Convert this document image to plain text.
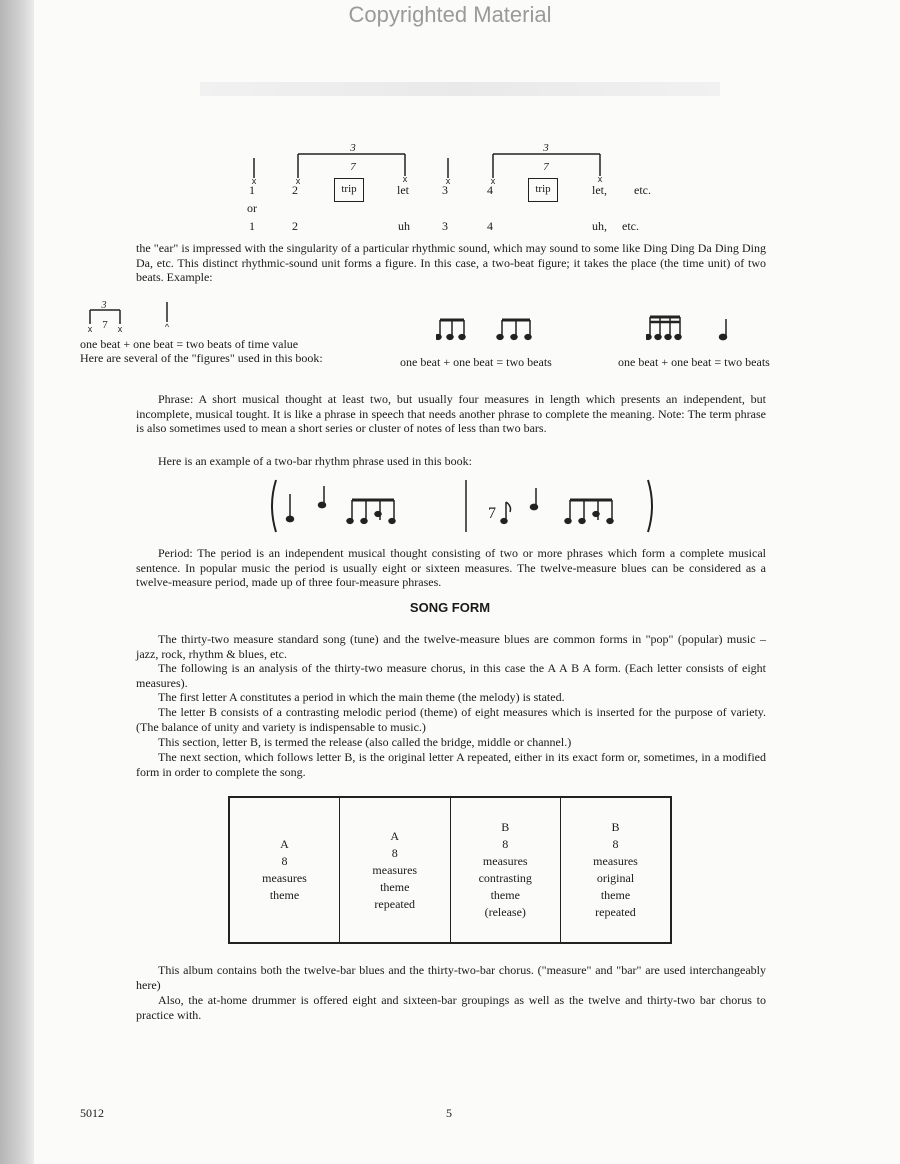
Copyrighted Material
3	3
7	7
x	x	x	x	x	x
trip	trip
1	2	let	3	4	let, etc.
or
1	2	uh	3	4	uh, etc.
the "ear" is impressed with the singularity of a particular rhythmic sound, which may sound to some like Ding Ding Da Ding Ding Da, etc. This distinct rhythmic-sound unit forms a figure. In this case, a two-beat figure; it takes the place (the time unit) of two beats. Example:
3
7
x	x	^
one beat + one beat = two beats of time value
Here are several of the "figures" used in this book:	one beat + one beat = two beats	one beat + one beat = two beats
Phrase: A short musical thought at least two, but usually four measures in length which presents an independent, but incomplete, musical tought. It is like a phrase in speech that needs another phrase to complete the meaning. Note: The term phrase is also sometimes used to mean a short series or cluster of notes of less than two bars.
Here is an example of a two-bar rhythm phrase used in this book:
7
Period: The period is an independent musical thought consisting of two or more phrases which form a complete musical sentence. In popular music the period is usually eight or sixteen measures. The twelve-measure blues can be considered as a twelve-measure period, made up of three four-measure phrases.
SONG FORM
The thirty-two measure standard song (tune) and the twelve-measure blues are common forms in "pop" (popular) music – jazz, rock, rhythm & blues, etc.
The following is an analysis of the thirty-two measure chorus, in this case the A A B A form. (Each letter consists of eight measures).
The first letter A constitutes a period in which the main theme (the melody) is stated.
The letter B consists of a contrasting melodic period (theme) of eight measures which is inserted for the purpose of variety. (The balance of unity and variety is indispensable to music.)
This section, letter B, is termed the release (also called the bridge, middle or channel.)
The next section, which follows letter B, is the original letter A repeated, either in its exact form or, sometimes, in a modified form in order to complete the song.
A
8
measures
theme

A
8
measures
theme
repeated

B
8
measures
contrasting
theme
(release)

B
8
measures
original
theme
repeated
This album contains both the twelve-bar blues and the thirty-two-bar chorus. ("measure" and "bar" are used interchangeably here)
Also, the at-home drummer is offered eight and sixteen-bar groupings as well as the twelve and thirty-two bar chorus to practice with.
5012	5
